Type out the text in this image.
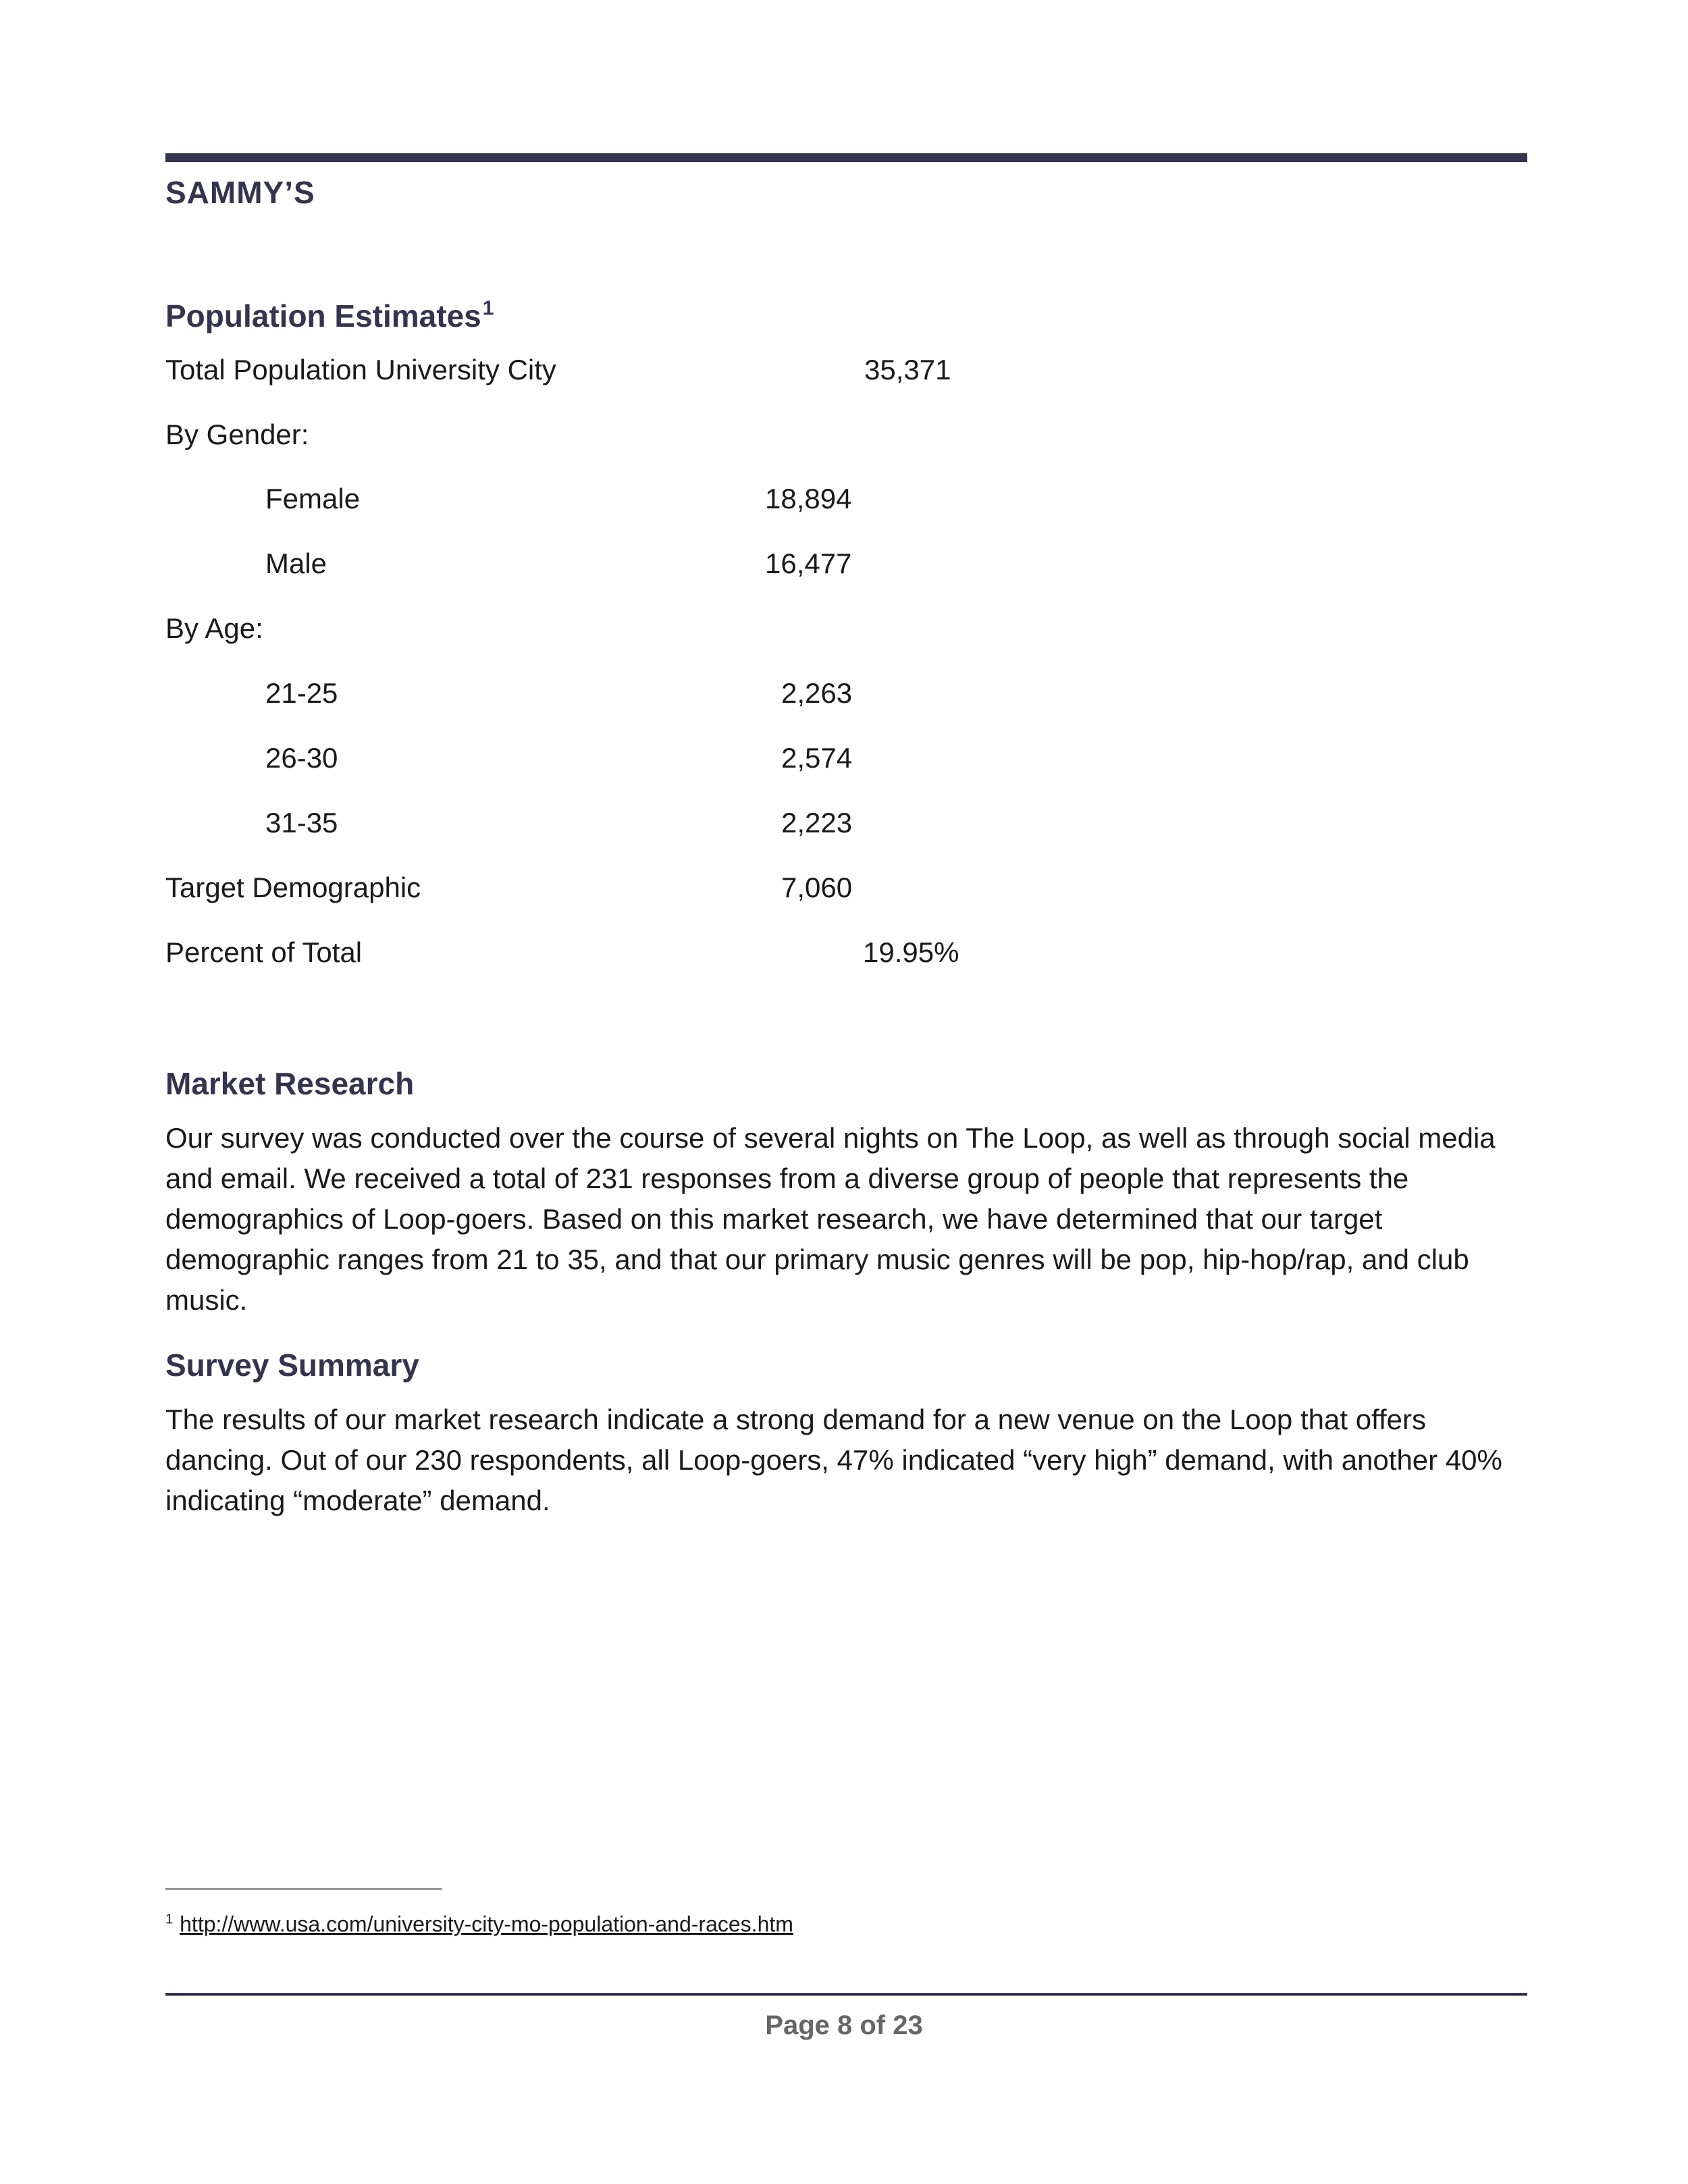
SAMMY’S
Population Estimates$^1$
Total Population University City	35,371
By Gender:
Female	18,894
Male	16,477
By Age:
21-25	2,263
26-30	2,574
31-35	2,223
Target Demographic	7,060
Percent of Total	19.95%
Market Research
Our survey was conducted over the course of several nights on The Loop, as well as through social media and email. We received a total of 231 responses from a diverse group of people that represents the demographics of Loop-goers. Based on this market research, we have determined that our target demographic ranges from 21 to 35, and that our primary music genres will be pop, hip-hop/rap, and club music.
Survey Summary
The results of our market research indicate a strong demand for a new venue on the Loop that offers dancing. Out of our 230 respondents, all Loop-goers, 47% indicated “very high” demand, with another 40% indicating “moderate” demand.
$^1$ http://www.usa.com/university-city-mo-population-and-races.htm
Page 8 of 23
